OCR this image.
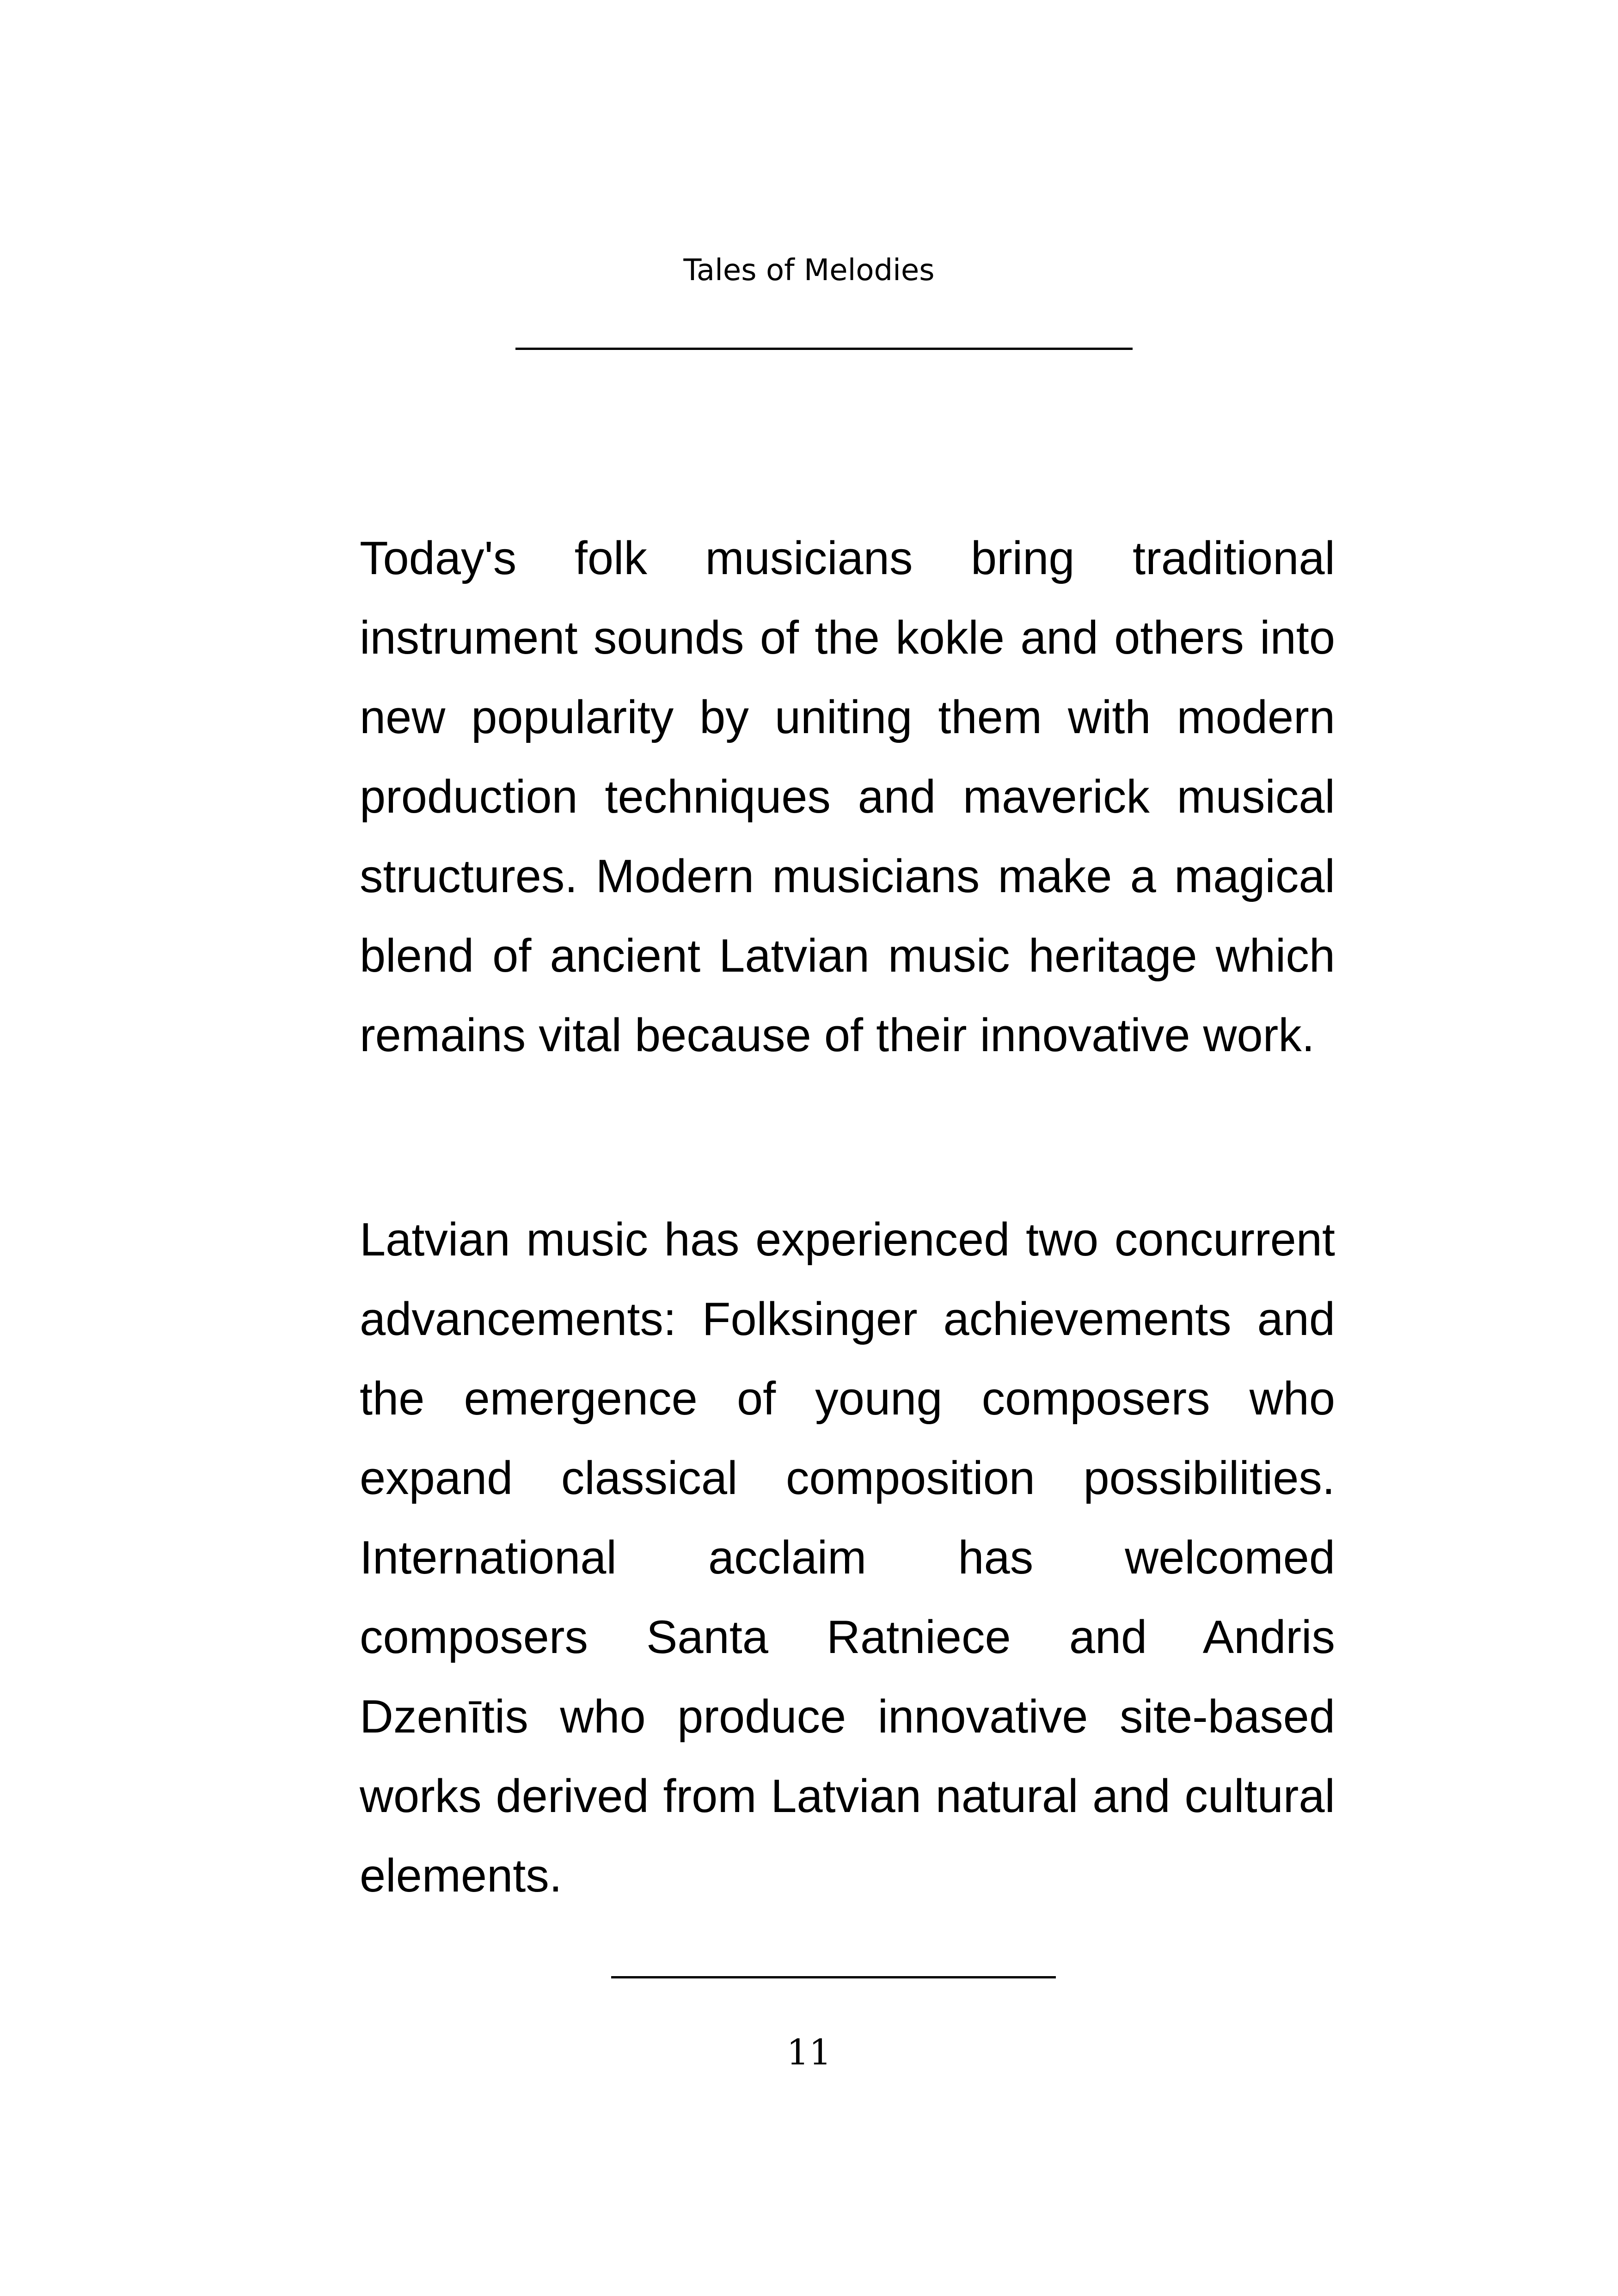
Tales of Melodies

Today's folk musicians bring traditional instrument sounds of the kokle and others into new popularity by uniting them with modern production techniques and maverick musical structures. Modern musicians make a magical blend of ancient Latvian music heritage which remains vital because of their innovative work.

Latvian music has experienced two concurrent advancements: Folksinger achievements and the emergence of young composers who expand classical composition possibilities. International acclaim has welcomed composers Santa Ratniece and Andris Dzenītis who produce innovative site-based works derived from Latvian natural and cultural elements.

11
